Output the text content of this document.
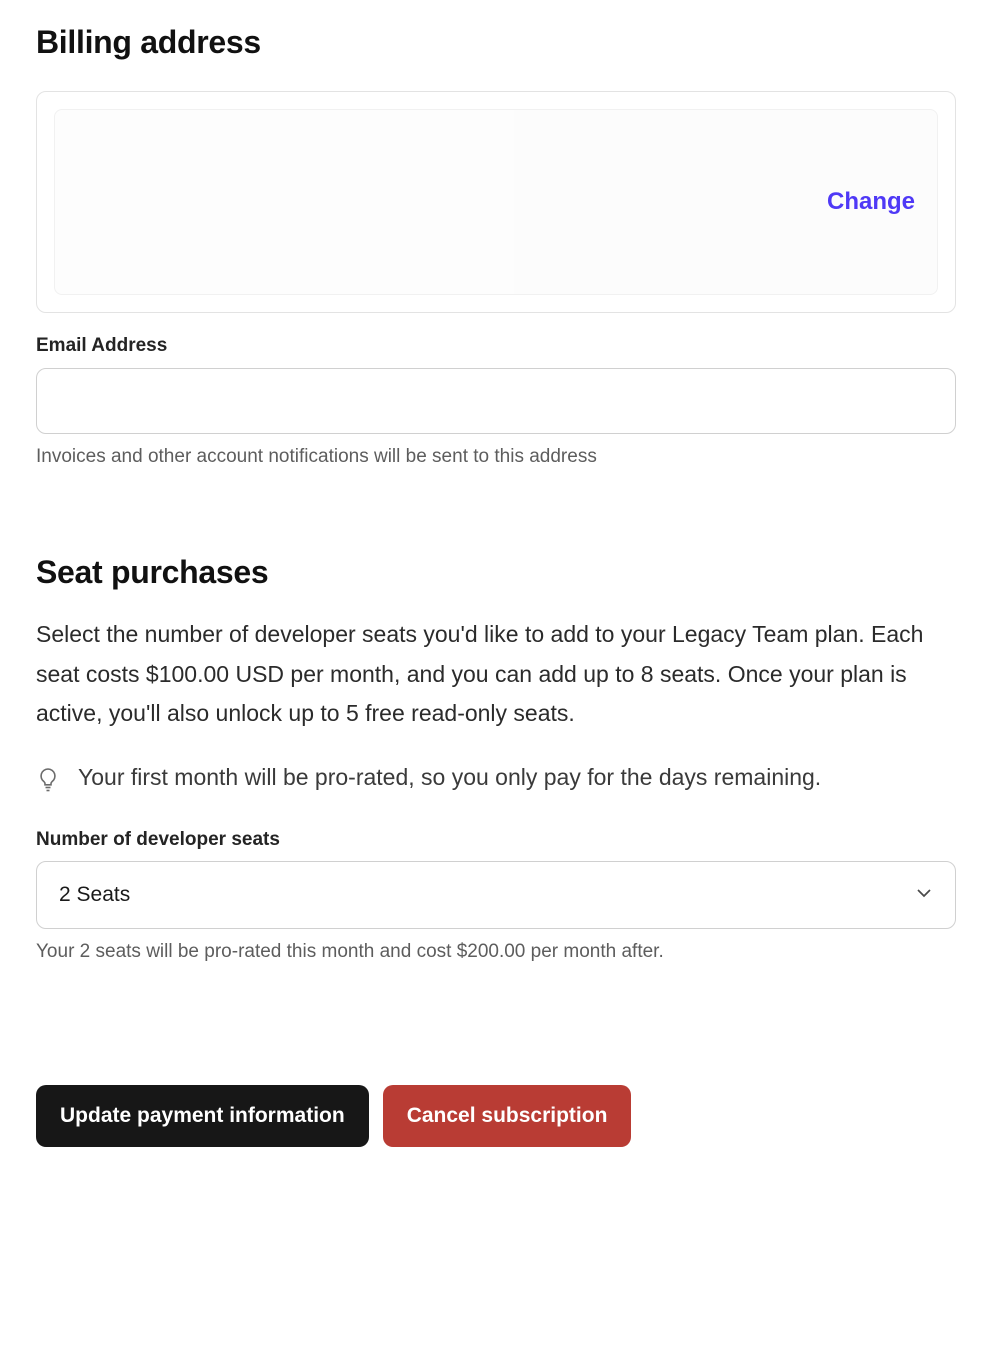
Billing address
Change
Email Address
Invoices and other account notifications will be sent to this address
Seat purchases

Select the number of developer seats you'd like to add to your Legacy Team plan. Each seat costs $100.00 USD per month, and you can add up to 8 seats. Once your plan is active, you'll also unlock up to 5 free read-only seats.

Your first month will be pro-rated, so you only pay for the days remaining.
Number of developer seats
2 Seats
Your 2 seats will be pro-rated this month and cost $200.00 per month after.
Update payment information	Cancel subscription
